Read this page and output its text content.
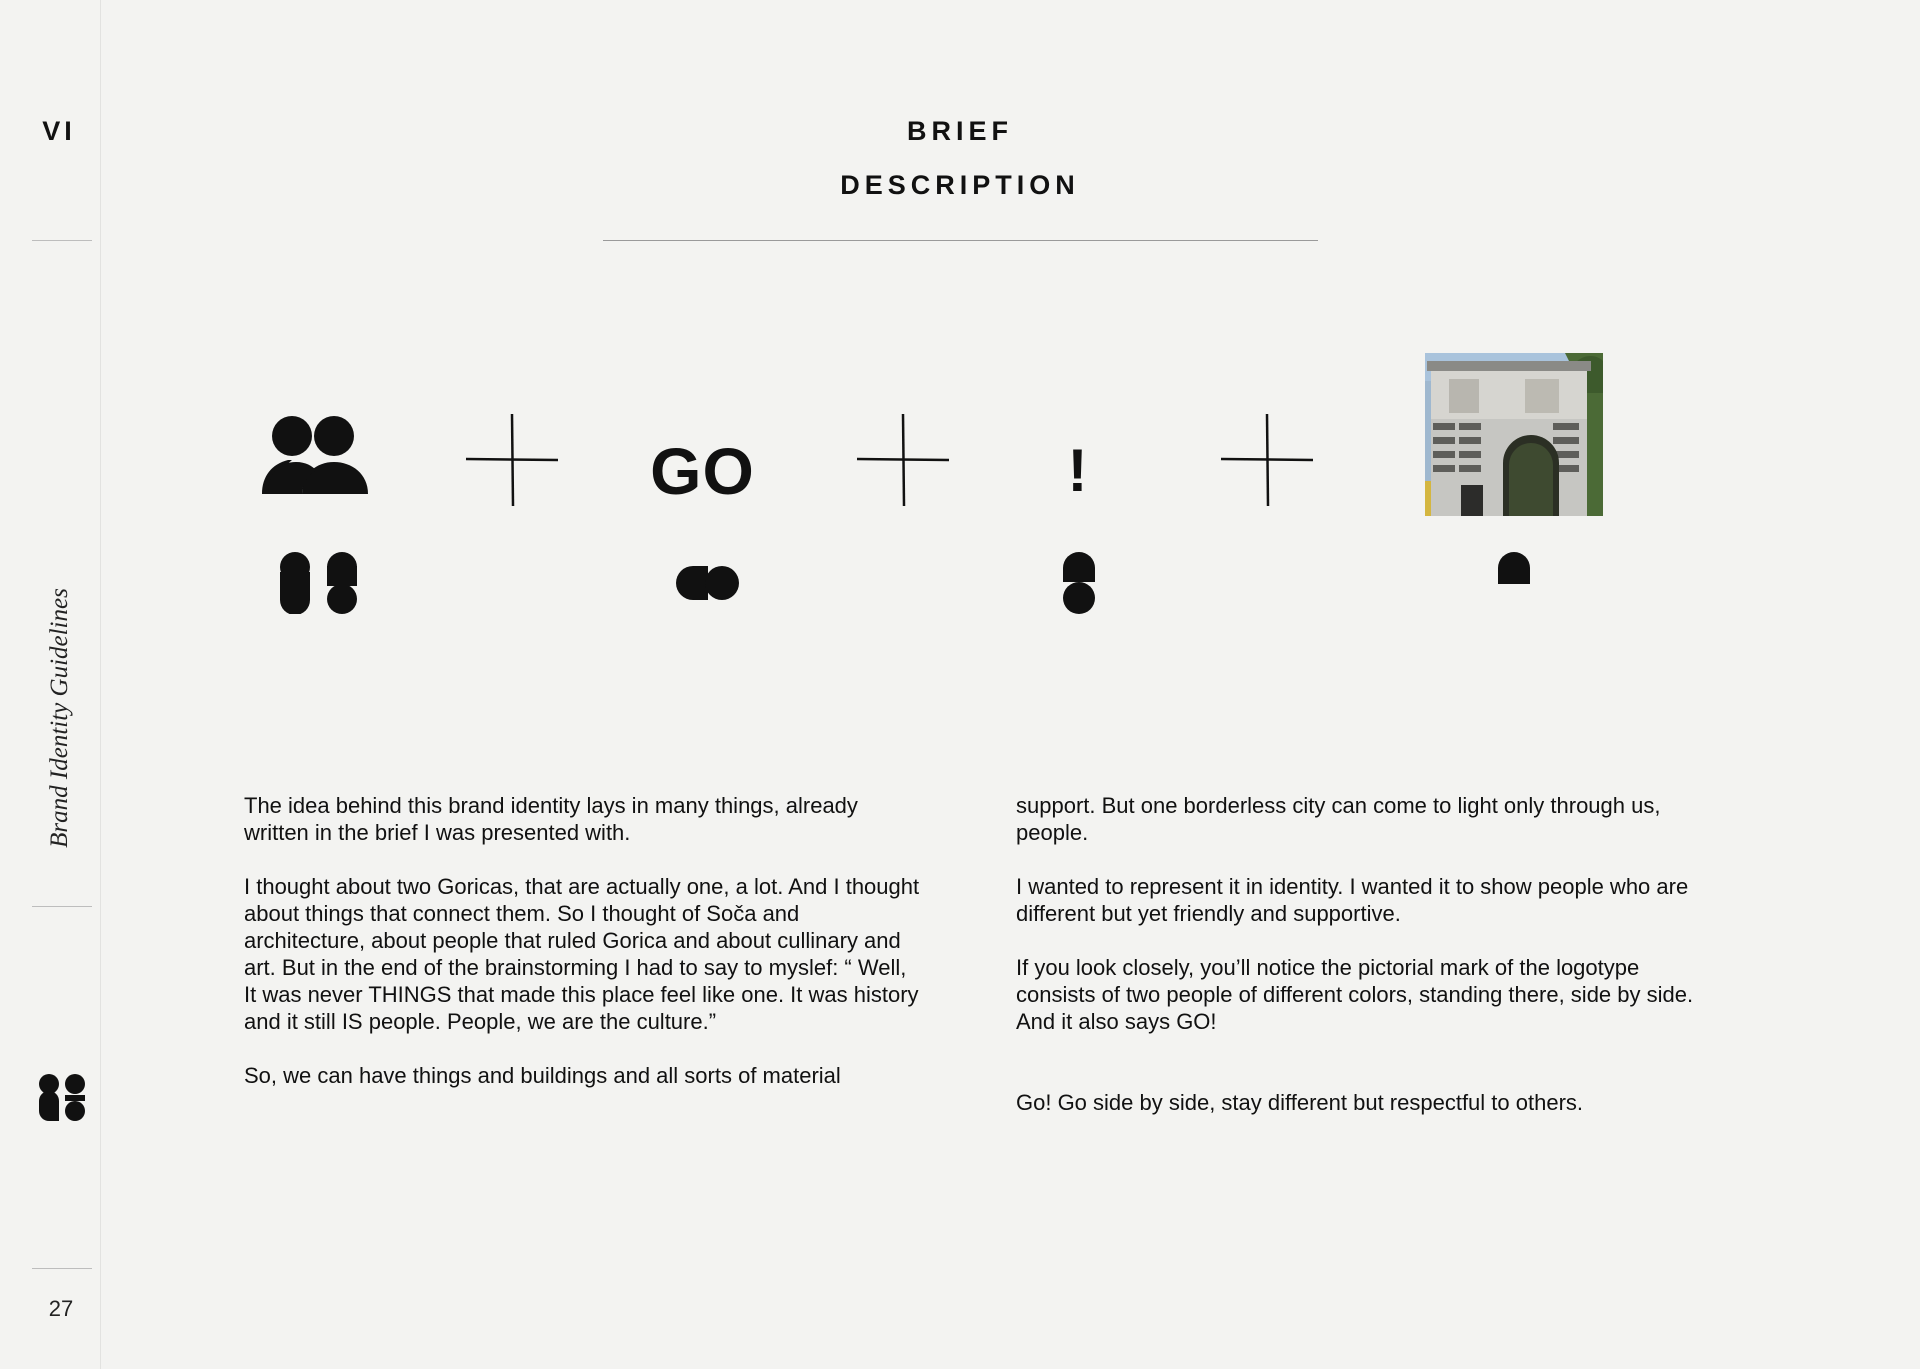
VI
Brand Identity Guidelines
27
BRIEF
DESCRIPTION
GO	!

The idea behind this brand identity lays in many things, already written in the brief I was presented with.

I thought about two Goricas, that are actually one, a lot. And I thought about things that connect them. So I thought of Soča and architecture, about people that ruled Gorica and about cullinary and art. But in the end of the brainstorming I had to say to myslef: “ Well, It was never THINGS that made this place feel like one. It was history and it still IS people. People, we are the culture.”

So, we can have things and buildings and all sorts of material

support. But one borderless city can come to light only through us, people.

I wanted to represent it in identity. I wanted it to show people who are different but yet friendly and supportive.

If you look closely, you’ll notice the pictorial mark of the logotype consists of two people of different colors, standing there, side by side. And it also says GO!

Go! Go side by side, stay different but respectful to others.
